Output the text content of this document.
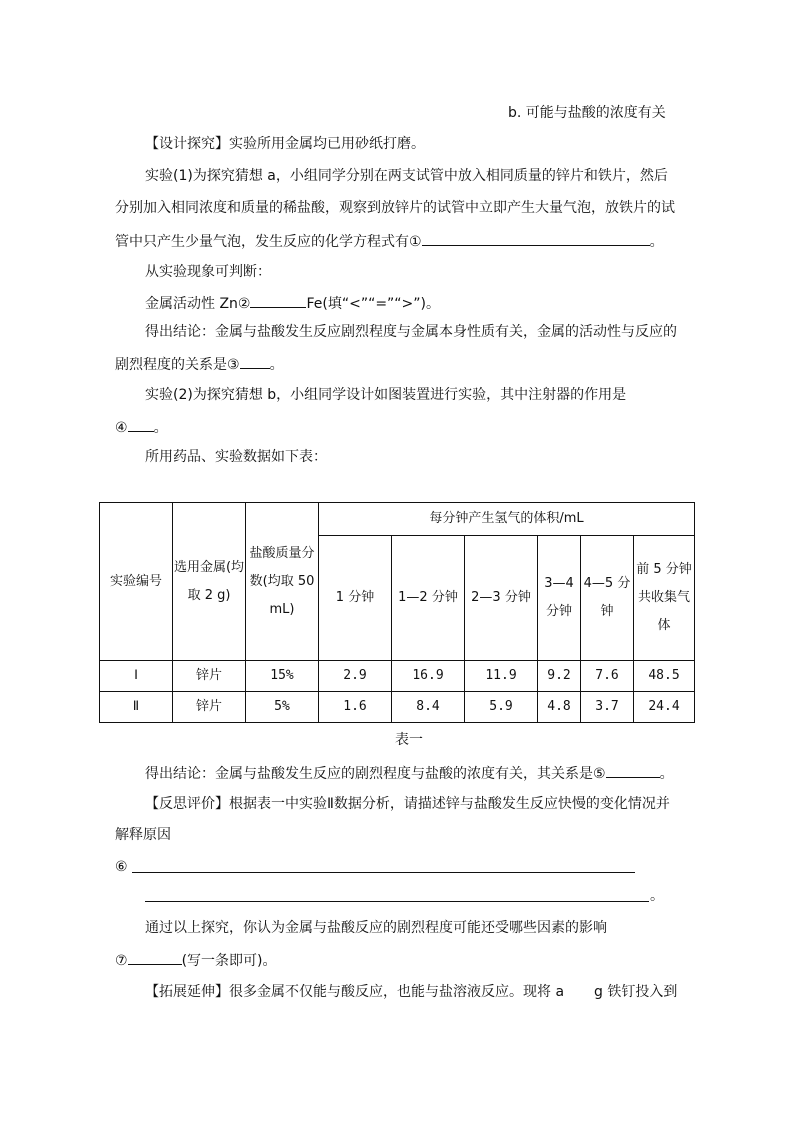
b. 可能与盐酸的浓度有关
【设计探究】实验所用金属均已用砂纸打磨。
实验(1)为探究猜想 a，小组同学分别在两支试管中放入相同质量的锌片和铁片，然后
分别加入相同浓度和质量的稀盐酸，观察到放锌片的试管中立即产生大量气泡，放铁片的试
管中只产生少量气泡，发生反应的化学方程式有①	。
从实验现象可判断：
金属活动性 Zn②	Fe(填“<”“=”“>”)。
得出结论：金属与盐酸发生反应剧烈程度与金属本身性质有关，金属的活动性与反应的
剧烈程度的关系是③ 。
实验(2)为探究猜想 b，小组同学设计如图装置进行实验，其中注射器的作用是
④ 。
所用药品、实验数据如下表：
实验编号	选用金属(均取 2 g)	盐酸质量分数(均取 50 mL)	每分钟产生氢气的体积/mL					
			1 分钟	1—2 分钟	2—3 分钟	3—4 分钟	4—5 分钟	前 5 分钟共收集气体
Ⅰ	锌片	15%	2.9	16.9	11.9	9.2	7.6	48.5
Ⅱ	锌片	5%	1.6	8.4	5.9	4.8	3.7	24.4
表一
得出结论：金属与盐酸发生反应的剧烈程度与盐酸的浓度有关，其关系是⑤	。
【反思评价】根据表一中实验Ⅱ数据分析，请描述锌与盐酸发生反应快慢的变化情况并
解释原因
⑥
。
通过以上探究，你认为金属与盐酸反应的剧烈程度可能还受哪些因素的影响
⑦	(写一条即可)。
【拓展延伸】很多金属不仅能与酸反应，也能与盐溶液反应。现将 a g 铁钉投入到
